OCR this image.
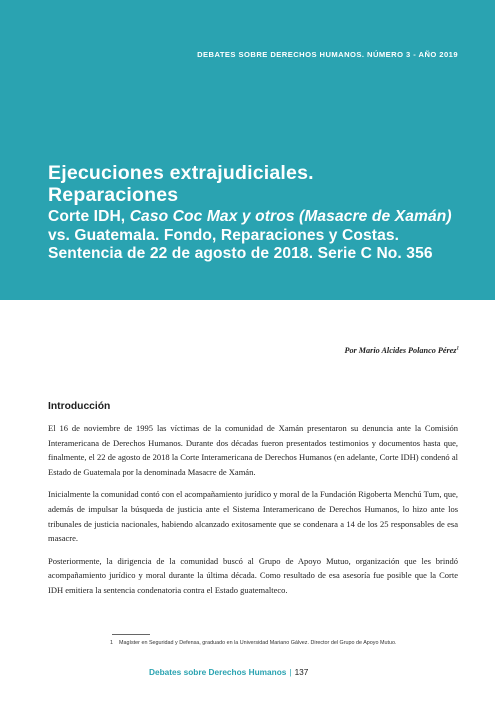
DEBATES SOBRE DERECHOS HUMANOS. NÚMERO 3 - AÑO 2019
Ejecuciones extrajudiciales.
Reparaciones
Corte IDH, Caso Coc Max y otros (Masacre de Xamán) vs. Guatemala. Fondo, Reparaciones y Costas. Sentencia de 22 de agosto de 2018. Serie C No. 356
Por Mario Alcides Polanco Pérez$^1$
Introducción

El 16 de noviembre de 1995 las víctimas de la comunidad de Xamán presentaron su denuncia ante la Comisión Interamericana de Derechos Humanos. Durante dos décadas fueron presentados testimonios y documentos hasta que, finalmente, el 22 de agosto de 2018 la Corte Interamericana de Derechos Humanos (en adelante, Corte IDH) condenó al Estado de Guatemala por la denominada Masacre de Xamán.

Inicialmente la comunidad contó con el acompañamiento jurídico y moral de la Fundación Rigoberta Menchú Tum, que, además de impulsar la búsqueda de justicia ante el Sistema Interamericano de Derechos Humanos, lo hizo ante los tribunales de justicia nacionales, habiendo alcanzado exitosamente que se condenara a 14 de los 25 responsables de esa masacre.

Posteriormente, la dirigencia de la comunidad buscó al Grupo de Apoyo Mutuo, organización que les brindó acompañamiento jurídico y moral durante la última década. Como resultado de esa asesoría fue posible que la Corte IDH emitiera la sentencia condenatoria contra el Estado guatemalteco.

1 Magíster en Seguridad y Defensa, graduado en la Universidad Mariano Gálvez. Director del Grupo de Apoyo Mutuo.
Debates sobre Derechos Humanos | 137
